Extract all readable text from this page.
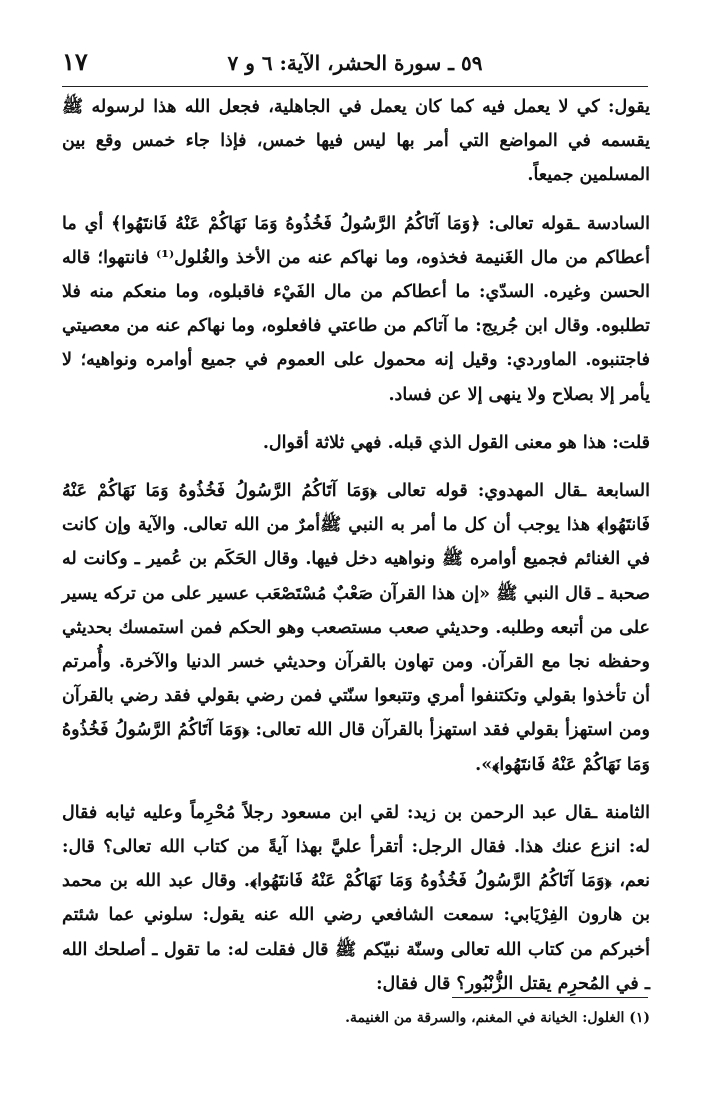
٥٩ ـ سورة الحشر، الآية: ٦ و ٧
١٧

يقول: كي لا يعمل فيه كما كان يعمل في الجاهلية، فجعل الله هذا لرسوله ﷺ يقسمه في المواضع التي أمر بها ليس فيها خمس، فإذا جاء خمس وقع بين المسلمين جميعاً.

السادسة ـقوله تعالى: ﴿وَمَا آتَاكُمُ الرَّسُولُ فَخُذُوهُ وَمَا نَهَاكُمْ عَنْهُ فَانتَهُوا﴾ أي ما أعطاكم من مال الغَنيمة فخذوه، وما نهاكم عنه من الأخذ والغُلول⁽¹⁾ فانتهوا؛ قاله الحسن وغيره. السدّي: ما أعطاكم من مال الفَيْء فاقبلوه، وما منعكم منه فلا تطلبوه. وقال ابن جُريج: ما آتاكم من طاعتي فافعلوه، وما نهاكم عنه من معصيتي فاجتنبوه. الماوردي: وقيل إنه محمول على العموم في جميع أوامره ونواهيه؛ لا يأمر إلا بصلاح ولا ينهى إلا عن فساد.

قلت: هذا هو معنى القول الذي قبله. فهي ثلاثة أقوال.

السابعة ـقال المهدوي: قوله تعالى ﴿وَمَا آتَاكُمُ الرَّسُولُ فَخُذُوهُ وَمَا نَهَاكُمْ عَنْهُ فَانتَهُوا﴾ هذا يوجب أن كل ما أمر به النبي ﷺأمرٌ من الله تعالى. والآية وإن كانت في الغنائم فجميع أوامره ﷺ ونواهيه دخل فيها. وقال الحَكَم بن عُمير ـ وكانت له صحبة ـ قال النبي ﷺ «إن هذا القرآن صَعْبٌ مُسْتَصْعَب عسير على من تركه يسير على من أتبعه وطلبه. وحديثي صعب مستصعب وهو الحكم فمن استمسك بحديثي وحفظه نجا مع القرآن. ومن تهاون بالقرآن وحديثي خسر الدنيا والآخرة. وأُمرتم أن تأخذوا بقولي وتكتنفوا أمري وتتبعوا سنّتي فمن رضي بقولي فقد رضي بالقرآن ومن استهزأ بقولي فقد استهزأ بالقرآن قال الله تعالى: ﴿وَمَا آتَاكُمُ الرَّسُولُ فَخُذُوهُ وَمَا نَهَاكُمْ عَنْهُ فَانتَهُوا﴾».

الثامنة ـقال عبد الرحمن بن زيد: لقي ابن مسعود رجلاً مُحْرِماً وعليه ثيابه فقال له: انزع عنك هذا. فقال الرجل: أتقرأ عليَّ بهذا آيةً من كتاب الله تعالى؟ قال: نعم، ﴿وَمَا آتَاكُمُ الرَّسُولُ فَخُذُوهُ وَمَا نَهَاكُمْ عَنْهُ فَانتَهُوا﴾. وقال عبد الله بن محمد بن هارون الفِرْيَابي: سمعت الشافعي رضي الله عنه يقول: سلوني عما شئتم أخبركم من كتاب الله تعالى وسنّة نبيّكم ﷺ قال فقلت له: ما تقول ـ أصلحك الله ـ في المُحرِم يقتل الزُّنْبُور؟ قال فقال:

(١) الغلول: الخيانة في المغنم، والسرقة من الغنيمة.
